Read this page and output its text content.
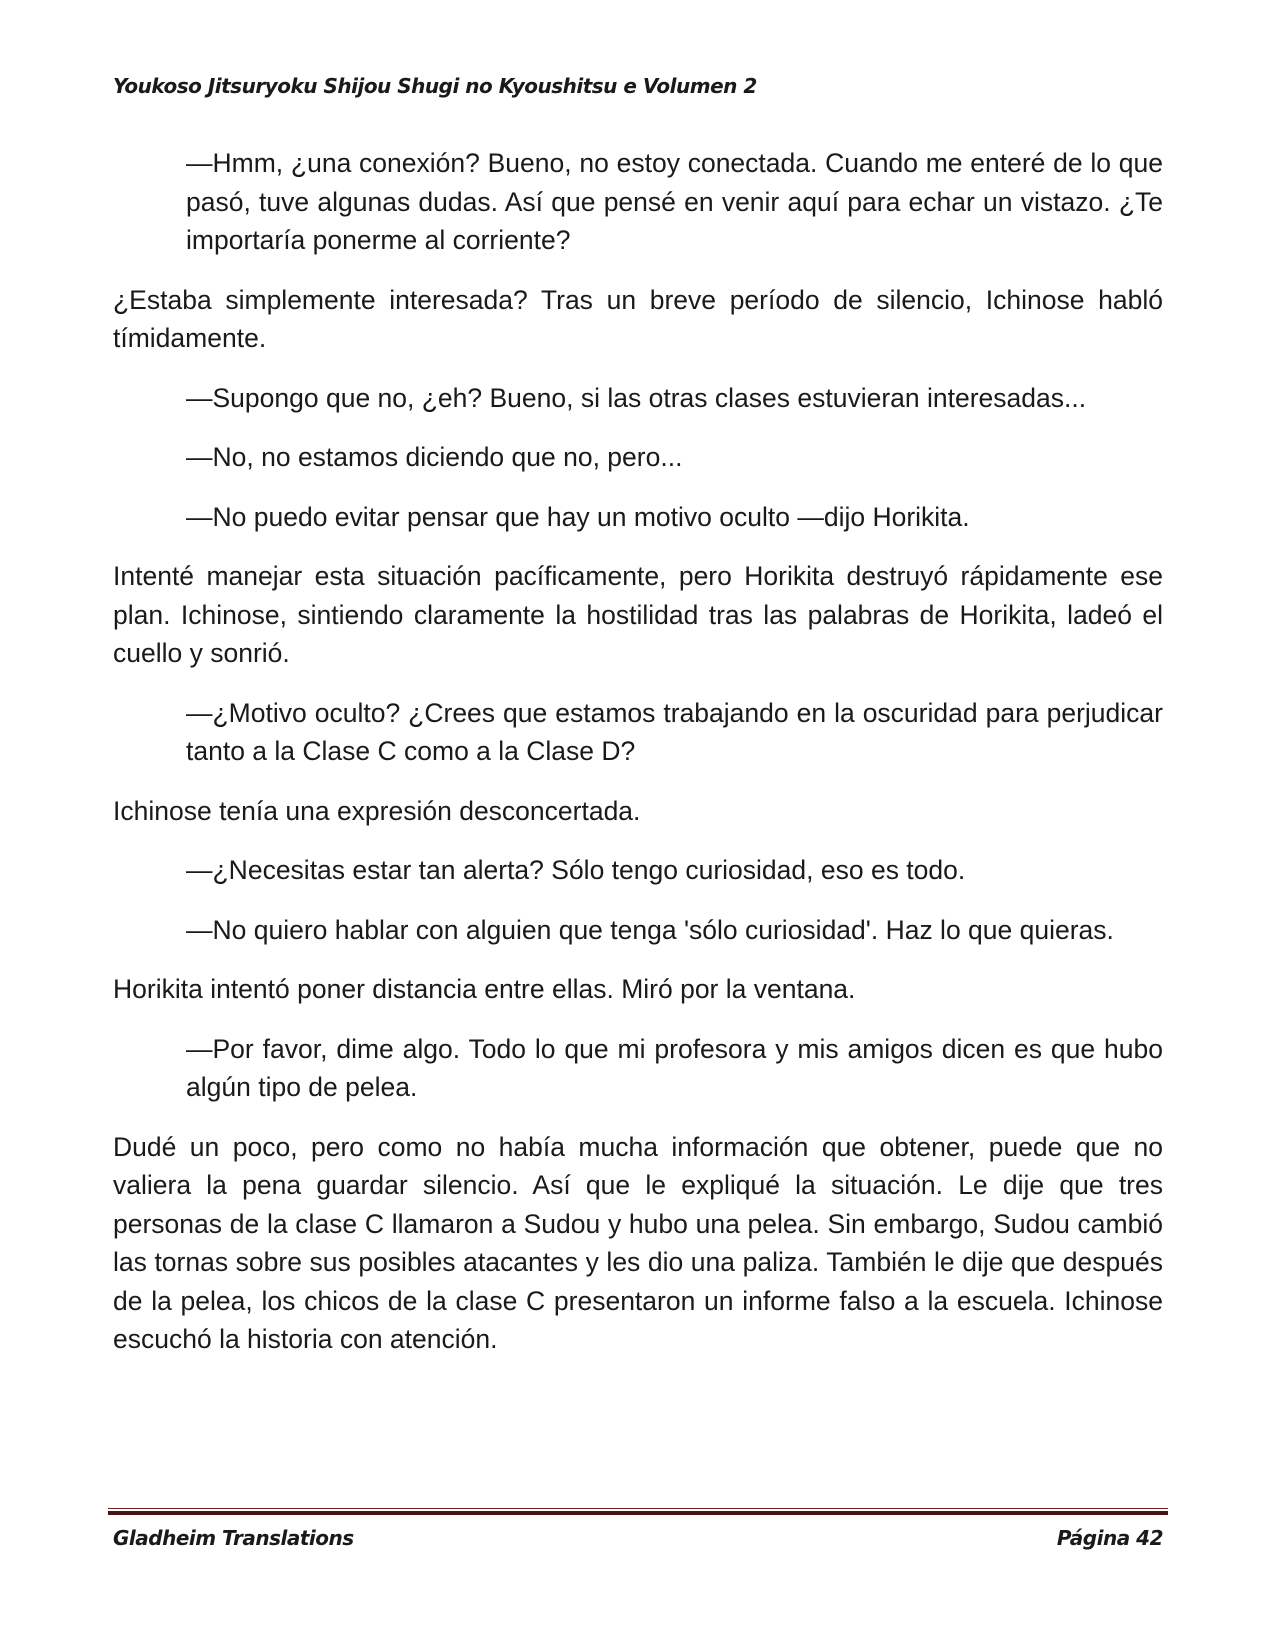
Youkoso Jitsuryoku Shijou Shugi no Kyoushitsu e Volumen 2

—Hmm, ¿una conexión? Bueno, no estoy conectada. Cuando me enteré de lo que pasó, tuve algunas dudas. Así que pensé en venir aquí para echar un vistazo. ¿Te importaría ponerme al corriente?

¿Estaba simplemente interesada? Tras un breve período de silencio, Ichinose habló tímidamente.

—Supongo que no, ¿eh? Bueno, si las otras clases estuvieran interesadas...

—No, no estamos diciendo que no, pero...

—No puedo evitar pensar que hay un motivo oculto —dijo Horikita.

Intenté manejar esta situación pacíficamente, pero Horikita destruyó rápidamente ese plan. Ichinose, sintiendo claramente la hostilidad tras las palabras de Horikita, ladeó el cuello y sonrió.

—¿Motivo oculto? ¿Crees que estamos trabajando en la oscuridad para perjudicar tanto a la Clase C como a la Clase D?

Ichinose tenía una expresión desconcertada.

—¿Necesitas estar tan alerta? Sólo tengo curiosidad, eso es todo.

—No quiero hablar con alguien que tenga 'sólo curiosidad'. Haz lo que quieras.

Horikita intentó poner distancia entre ellas. Miró por la ventana.

—Por favor, dime algo. Todo lo que mi profesora y mis amigos dicen es que hubo algún tipo de pelea.

Dudé un poco, pero como no había mucha información que obtener, puede que no valiera la pena guardar silencio. Así que le expliqué la situación. Le dije que tres personas de la clase C llamaron a Sudou y hubo una pelea. Sin embargo, Sudou cambió las tornas sobre sus posibles atacantes y les dio una paliza. También le dije que después de la pelea, los chicos de la clase C presentaron un informe falso a la escuela. Ichinose escuchó la historia con atención.

Gladheim Translations	Página 42
